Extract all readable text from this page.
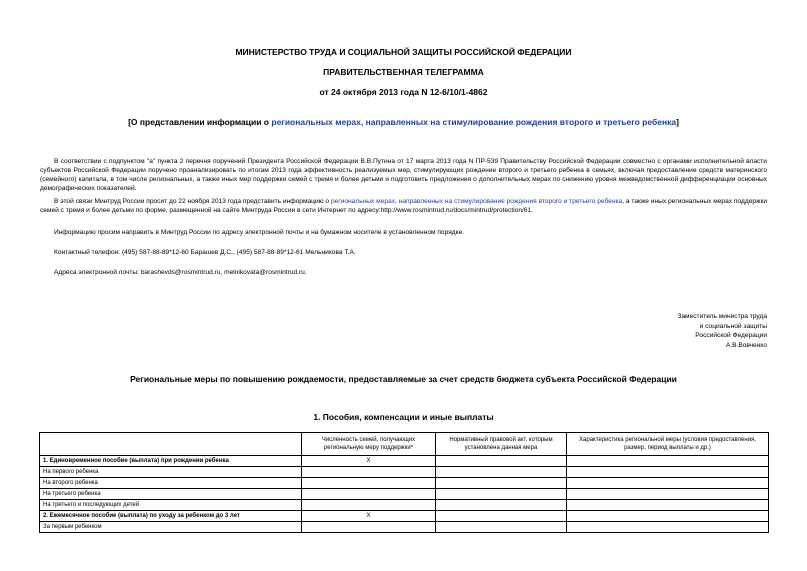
МИНИСТЕРСТВО ТРУДА И СОЦИАЛЬНОЙ ЗАЩИТЫ РОССИЙСКОЙ ФЕДЕРАЦИИ
ПРАВИТЕЛЬСТВЕННАЯ ТЕЛЕГРАММА
от 24 октября 2013 года N 12-6/10/1-4862
[О представлении информации о региональных мерах, направленных на стимулирование рождения второго и третьего ребенка]
В соответствии с подпунктом "а" пункта 2 перечня поручений Президента Российской Федерации В.В.Путина от 17 марта 2013 года N ПР-539 Правительству Российской Федерации совместно с органами исполнительной власти субъектов Российской Федерации поручено проанализировать по итогам 2013 года эффективность реализуемых мер, стимулирующих рождение второго и третьего ребенка в семьях, включая предоставление средств материнского (семейного) капитала, в том числе региональных, а также иных мер поддержки семей с тремя и более детьми и подготовить предложения о дополнительных мерах по снижению уровня межведомственной дифференциации основных демографических показателей.
В этой связи Минтруд России просит до 22 ноября 2013 года представить информацию о региональных мерах, направленных на стимулирование рождения второго и третьего ребенка, а также иных региональных мерах поддержки семей с тремя и более детьми по форме, размещенной на сайте Минтруда России в сети Интернет по адресу:http://www.rosmintrud.ru/docs/mintrud/protection/61.
Информацию просим направить в Минтруд России по адресу электронной почты и на бумажном носителе в установленном порядке.
Контактный телефон: (495) 587-88-89*12-60 Барашев Д.С., (495) 587-88-89*12-61 Мельникова Т.А.
Адреса электронной почты: barashevds@rosmintrud.ru, melnikovata@rosmintrud.ru.
Заместитель министра труда
и социальной защиты
Российской Федерации
А.В.Вовченко
Региональные меры по повышению рождаемости, предоставляемые за счет средств бюджета субъекта Российской Федерации
1. Пособия, компенсации и иные выплаты
	Численность семей, получающих региональную меру поддержки*	Нормативный правовой акт, которым установлена данная мера	Характеристика региональной меры (условия предоставления, размер, период выплаты и др.)
1. Единовременное пособие (выплата) при рождении ребенка	X		
На первого ребенка			
На второго ребенка			
На третьего ребенка			
На третьего и последующих детей			
2. Ежемесячное пособие (выплата) по уходу за ребенком до 3 лет	X		
За первым ребенком			
